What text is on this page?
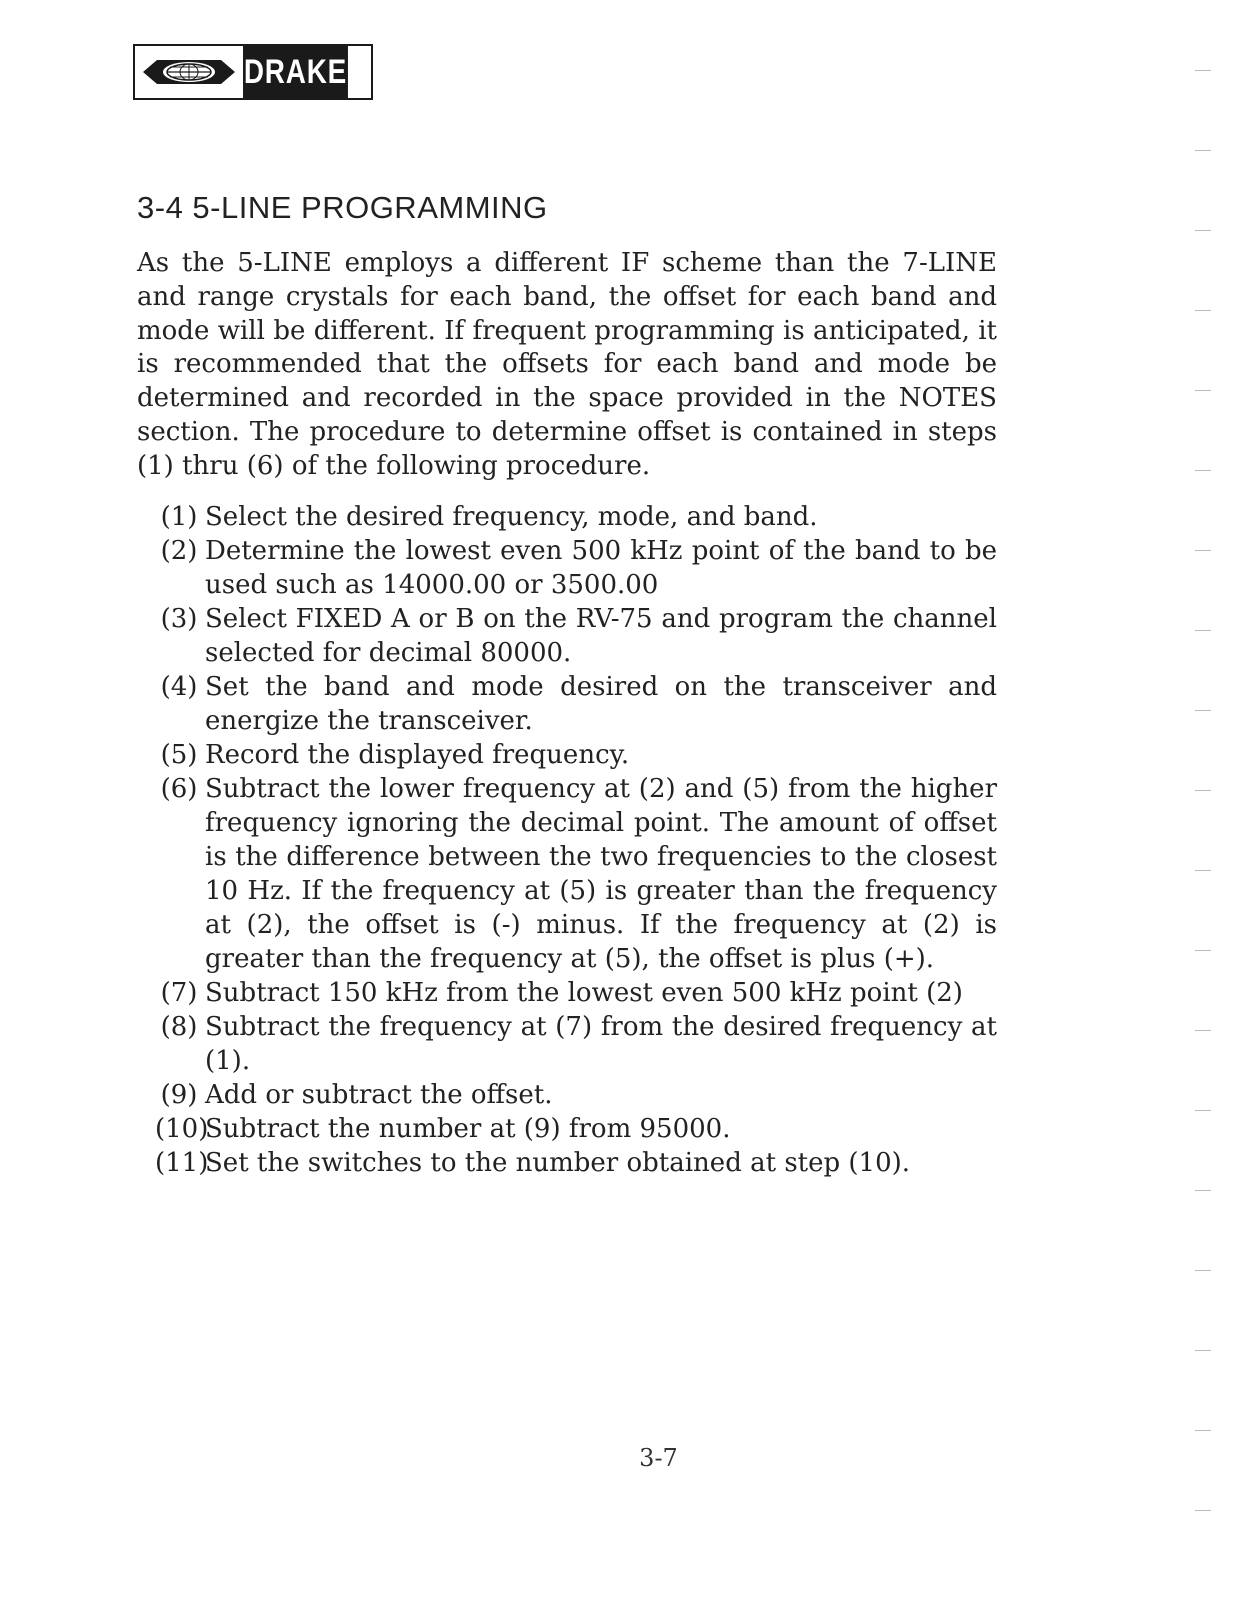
DRAKE
3-4 5-LINE PROGRAMMING

As the 5-LINE employs a different IF scheme than the 7-LINE and range crystals for each band, the offset for each band and mode will be different. If frequent programming is anticipated, it is recommended that the offsets for each band and mode be determined and recorded in the space provided in the NOTES section. The procedure to determine offset is contained in steps (1) thru (6) of the following procedure.

(1) Select the desired frequency, mode, and band.
(2) Determine the lowest even 500 kHz point of the band to be used such as 14000.00 or 3500.00
(3) Select FIXED A or B on the RV-75 and program the channel selected for decimal 80000.
(4) Set the band and mode desired on the transceiver and energize the transceiver.
(5) Record the displayed frequency.
(6) Subtract the lower frequency at (2) and (5) from the higher frequency ignoring the decimal point. The amount of offset is the difference between the two frequencies to the closest 10 Hz. If the frequency at (5) is greater than the frequency at (2), the offset is (-) minus. If the frequency at (2) is greater than the frequency at (5), the offset is plus (+).
(7) Subtract 150 kHz from the lowest even 500 kHz point (2)
(8) Subtract the frequency at (7) from the desired frequency at (1).
(9) Add or subtract the offset.
(10)
Subtract the number at (9) from 95000.
(11)
Set the switches to the number obtained at step (10).
3-7
